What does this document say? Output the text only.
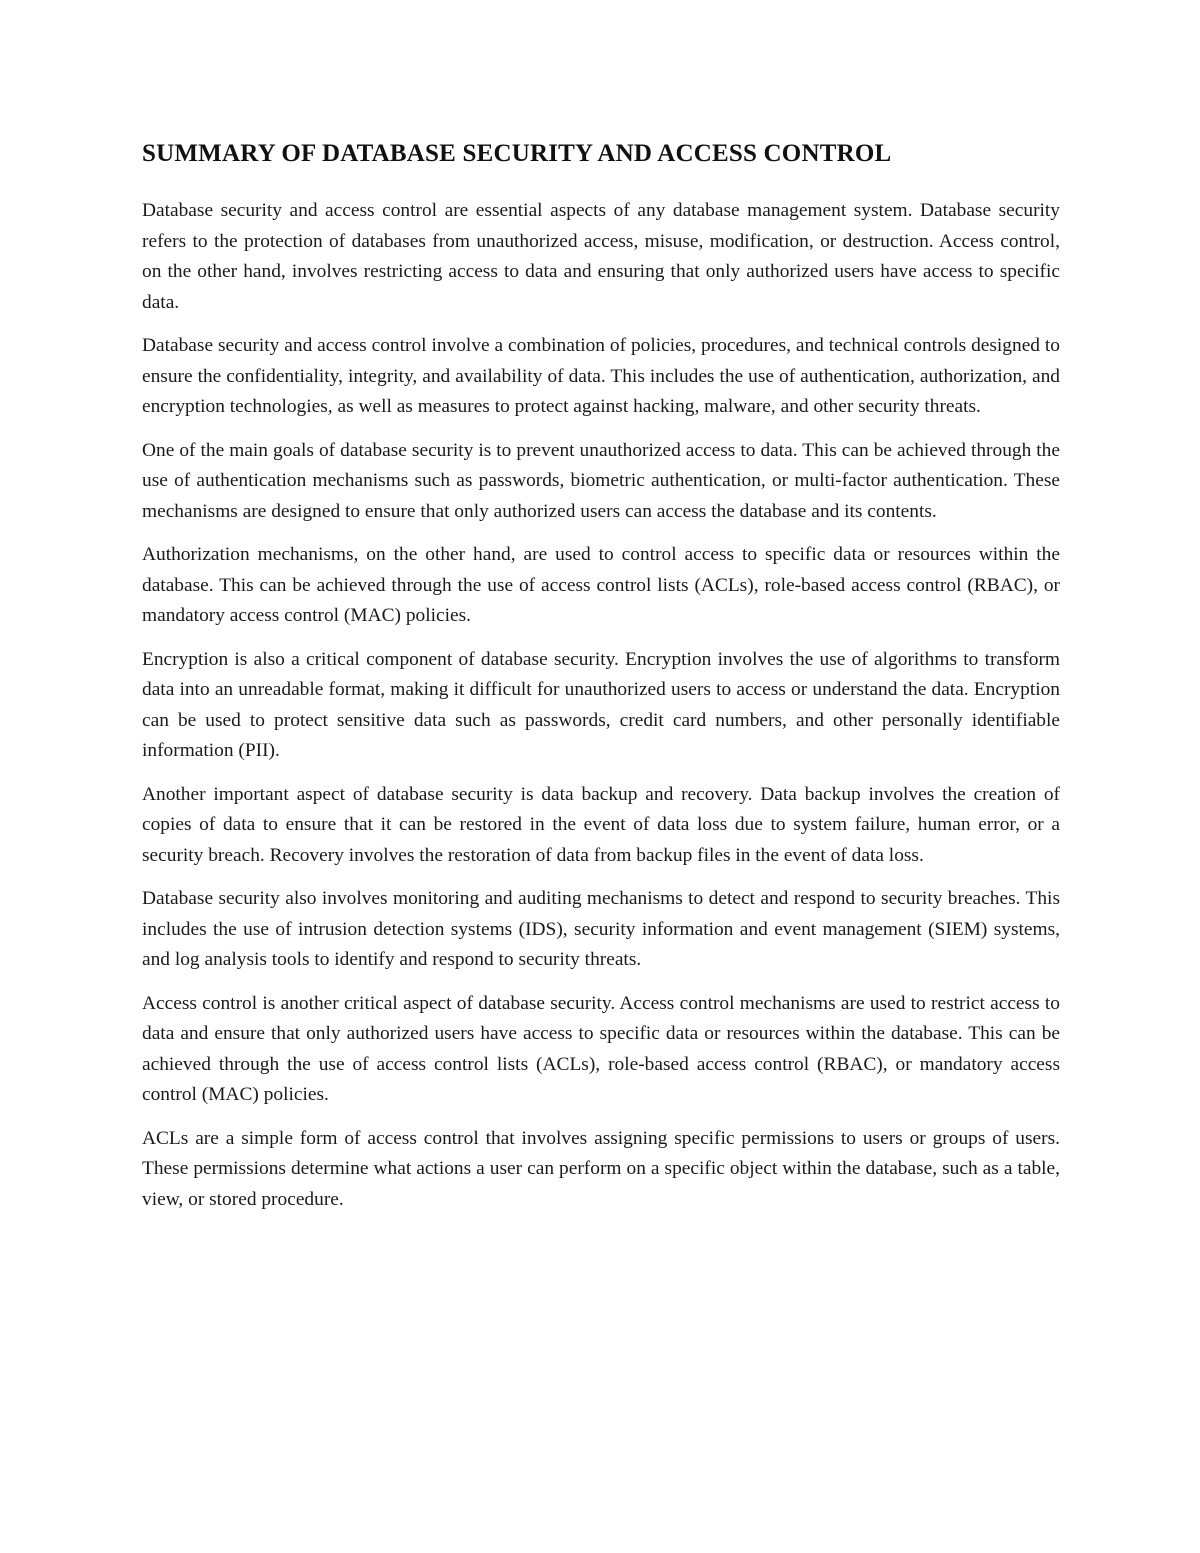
SUMMARY OF DATABASE SECURITY AND ACCESS CONTROL

Database security and access control are essential aspects of any database management system. Database security refers to the protection of databases from unauthorized access, misuse, modification, or destruction. Access control, on the other hand, involves restricting access to data and ensuring that only authorized users have access to specific data.

Database security and access control involve a combination of policies, procedures, and technical controls designed to ensure the confidentiality, integrity, and availability of data. This includes the use of authentication, authorization, and encryption technologies, as well as measures to protect against hacking, malware, and other security threats.

One of the main goals of database security is to prevent unauthorized access to data. This can be achieved through the use of authentication mechanisms such as passwords, biometric authentication, or multi-factor authentication. These mechanisms are designed to ensure that only authorized users can access the database and its contents.

Authorization mechanisms, on the other hand, are used to control access to specific data or resources within the database. This can be achieved through the use of access control lists (ACLs), role-based access control (RBAC), or mandatory access control (MAC) policies.

Encryption is also a critical component of database security. Encryption involves the use of algorithms to transform data into an unreadable format, making it difficult for unauthorized users to access or understand the data. Encryption can be used to protect sensitive data such as passwords, credit card numbers, and other personally identifiable information (PII).

Another important aspect of database security is data backup and recovery. Data backup involves the creation of copies of data to ensure that it can be restored in the event of data loss due to system failure, human error, or a security breach. Recovery involves the restoration of data from backup files in the event of data loss.

Database security also involves monitoring and auditing mechanisms to detect and respond to security breaches. This includes the use of intrusion detection systems (IDS), security information and event management (SIEM) systems, and log analysis tools to identify and respond to security threats.

Access control is another critical aspect of database security. Access control mechanisms are used to restrict access to data and ensure that only authorized users have access to specific data or resources within the database. This can be achieved through the use of access control lists (ACLs), role-based access control (RBAC), or mandatory access control (MAC) policies.

ACLs are a simple form of access control that involves assigning specific permissions to users or groups of users. These permissions determine what actions a user can perform on a specific object within the database, such as a table, view, or stored procedure.
